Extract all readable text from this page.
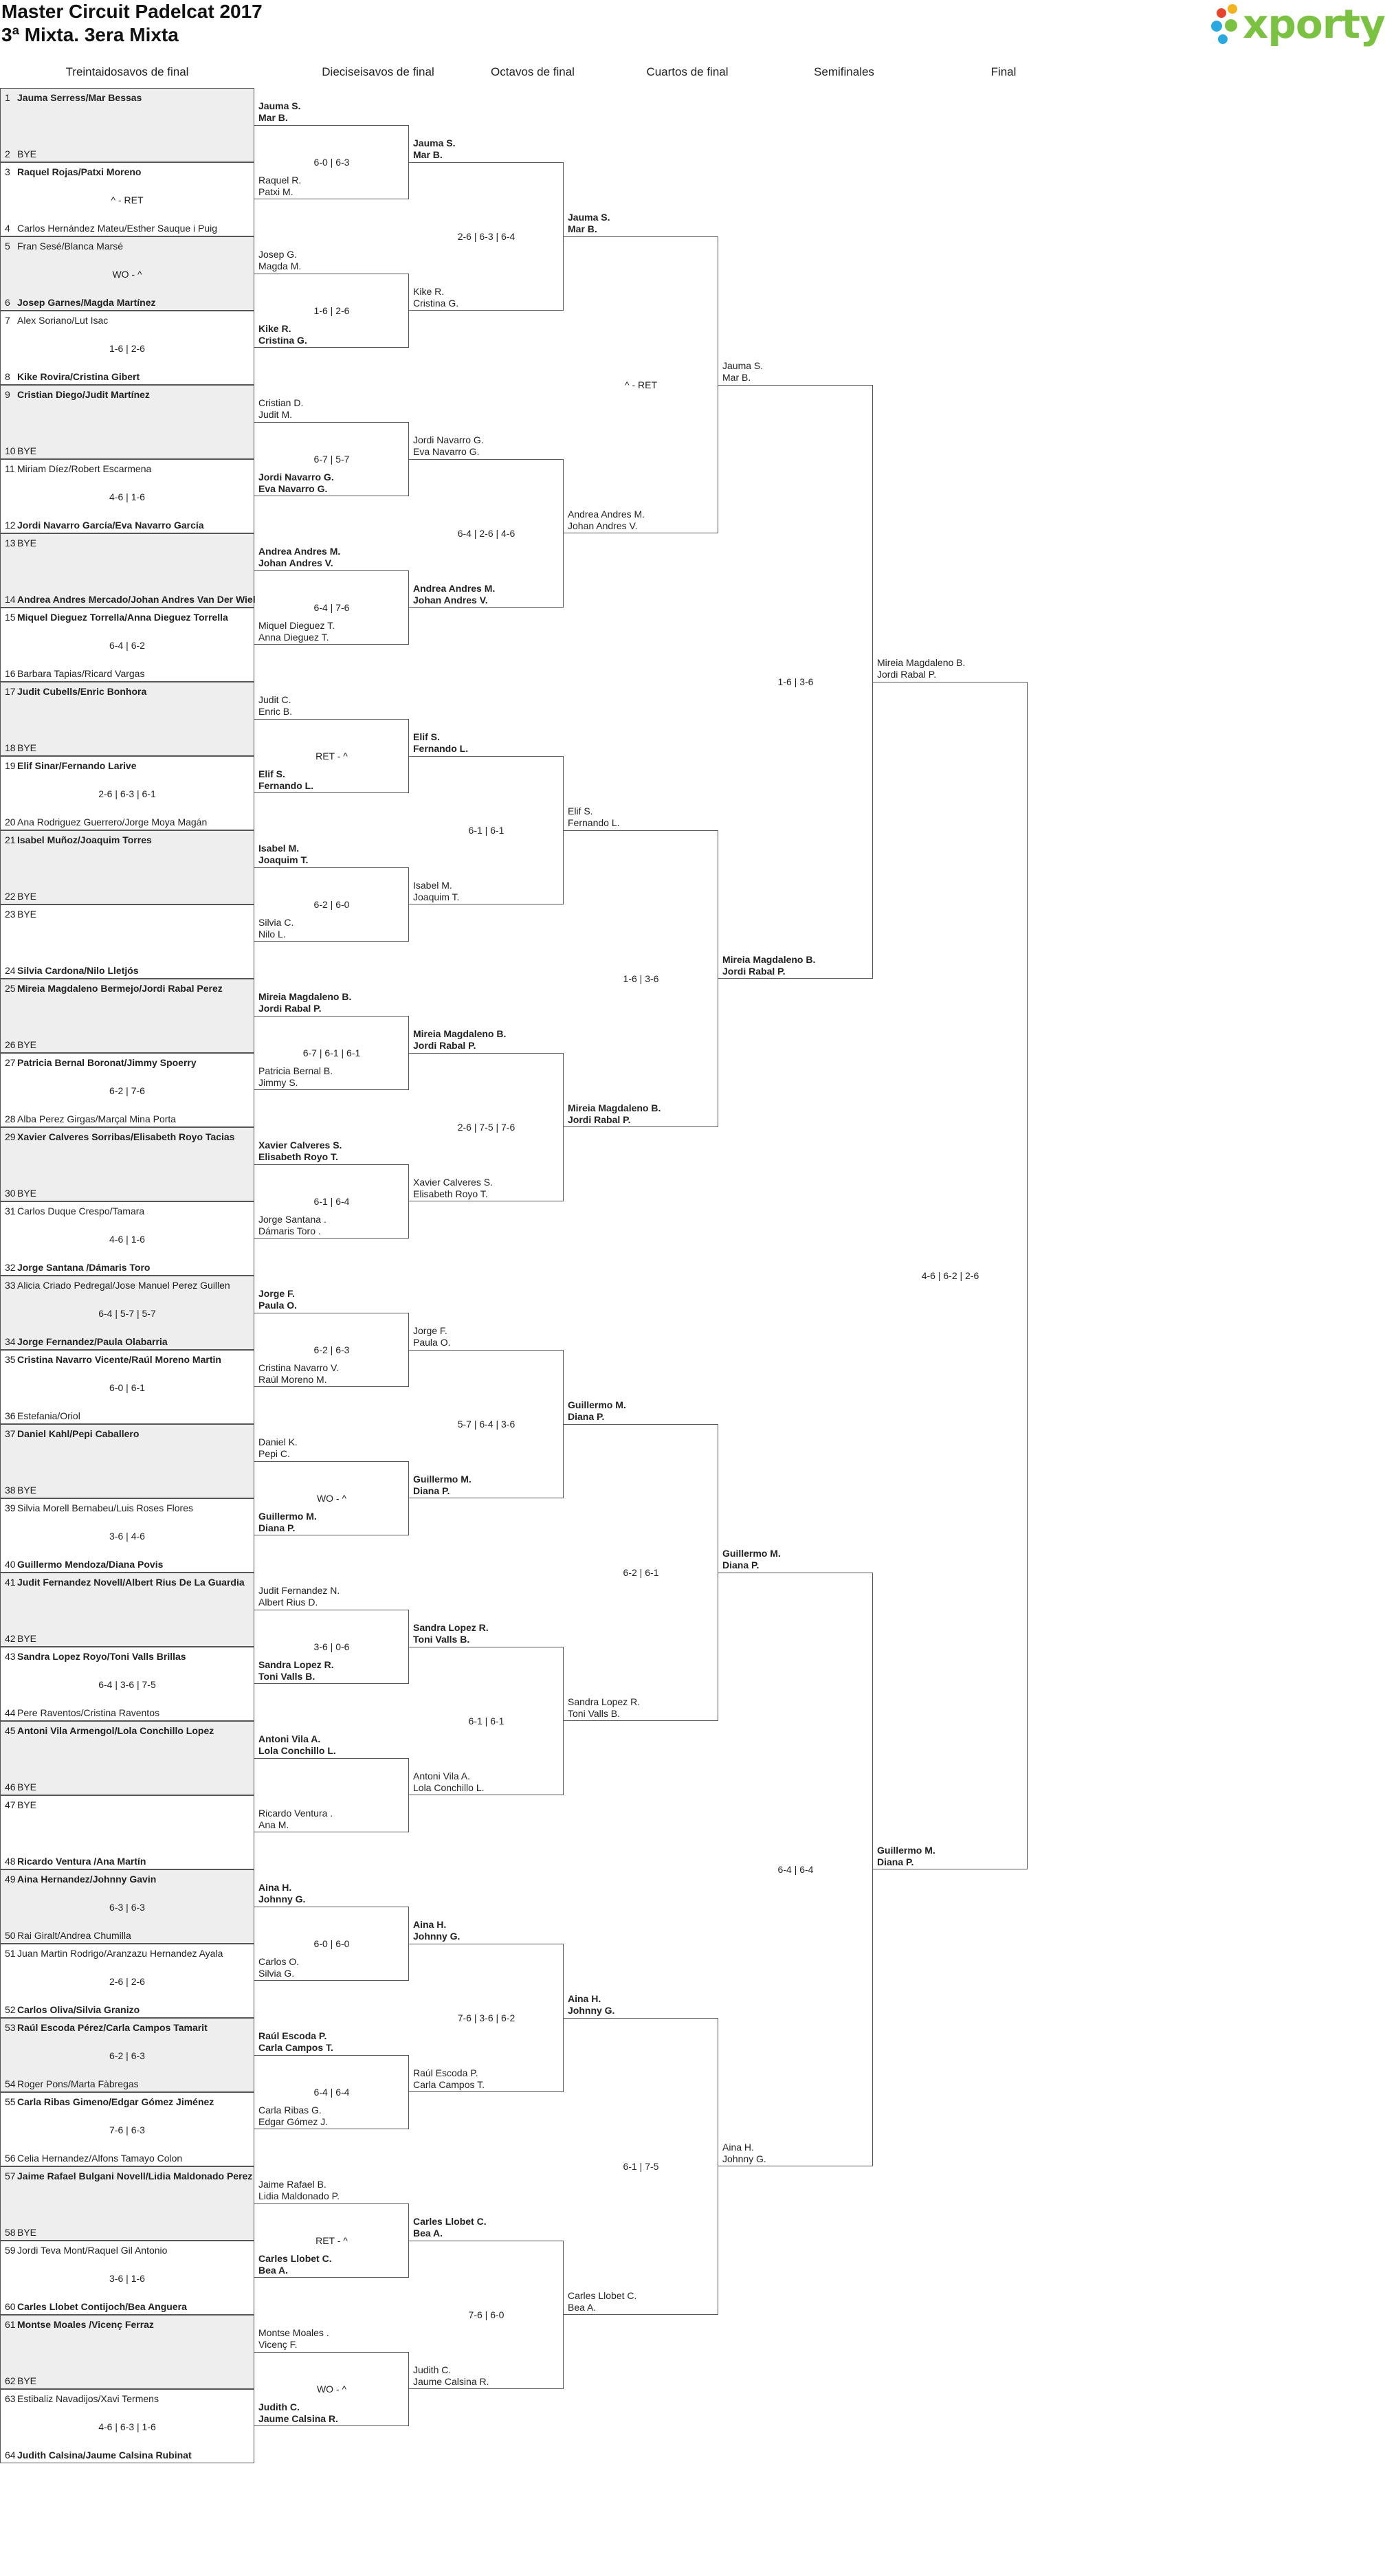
Master Circuit Padelcat 2017
3ª Mixta. 3era Mixta	xporty
Treintaidosavos de final	Dieciseisavos de final	Octavos de final	Cuartos de final	Semifinales	Final
1 Jauma Serress/Mar Bessas
2 BYE
3 Raquel Rojas/Patxi Moreno
4 Carlos Hernández Mateu/Esther Sauque i Puig
^ - RET
5 Fran Sesé/Blanca Marsé
6 Josep Garnes/Magda Martínez
WO - ^
7 Alex Soriano/Lut Isac
8 Kike Rovira/Cristina Gibert
1-6 | 2-6
9 Cristian Diego/Judit Martínez
10 BYE
11 Miriam Díez/Robert Escarmena
12 Jordi Navarro García/Eva Navarro García
4-6 | 1-6
13 BYE
14 Andrea Andres Mercado/Johan Andres Van Der Wiel
15 Miquel Dieguez Torrella/Anna Dieguez Torrella
16 Barbara Tapias/Ricard Vargas
6-4 | 6-2
17 Judit Cubells/Enric Bonhora
18 BYE
19 Elif Sinar/Fernando Larive
20 Ana Rodriguez Guerrero/Jorge Moya Magán
2-6 | 6-3 | 6-1
21 Isabel Muñoz/Joaquim Torres
22 BYE
23 BYE
24 Silvia Cardona/Nilo Lletjós
25 Mireia Magdaleno Bermejo/Jordi Rabal Perez
26 BYE
27 Patricia Bernal Boronat/Jimmy Spoerry
28 Alba Perez Girgas/Marçal Mina Porta
6-2 | 7-6
29 Xavier Calveres Sorribas/Elisabeth Royo Tacias
30 BYE
31 Carlos Duque Crespo/Tamara
32 Jorge Santana /Dámaris Toro
4-6 | 1-6
33 Alicia Criado Pedregal/Jose Manuel Perez Guillen
34 Jorge Fernandez/Paula Olabarria
6-4 | 5-7 | 5-7
35 Cristina Navarro Vicente/Raúl Moreno Martin
36 Estefania/Oriol
6-0 | 6-1
37 Daniel Kahl/Pepi Caballero
38 BYE
39 Silvia Morell Bernabeu/Luis Roses Flores
40 Guillermo Mendoza/Diana Povis
3-6 | 4-6
41 Judit Fernandez Novell/Albert Rius De La Guardia
42 BYE
43 Sandra Lopez Royo/Toni Valls Brillas
44 Pere Raventos/Cristina Raventos
6-4 | 3-6 | 7-5
45 Antoni Vila Armengol/Lola Conchillo Lopez
46 BYE
47 BYE
48 Ricardo Ventura /Ana Martín
49 Aina Hernandez/Johnny Gavin
50 Rai Giralt/Andrea Chumilla
6-3 | 6-3
51 Juan Martin Rodrigo/Aranzazu Hernandez Ayala
52 Carlos Oliva/Silvia Granizo
2-6 | 2-6
53 Raúl Escoda Pérez/Carla Campos Tamarit
54 Roger Pons/Marta Fàbregas
6-2 | 6-3
55 Carla Ribas Gimeno/Edgar Gómez Jiménez
56 Celia Hernandez/Alfons Tamayo Colon
7-6 | 6-3
57 Jaime Rafael Bulgani Novell/Lidia Maldonado Perez
58 BYE
59 Jordi Teva Mont/Raquel Gil Antonio
60 Carles Llobet Contijoch/Bea Anguera
3-6 | 1-6
61 Montse Moales /Vicenç Ferraz
62 BYE
63 Estibaliz Navadijos/Xavi Termens
64 Judith Calsina/Jaume Calsina Rubinat
4-6 | 6-3 | 1-6
Jauma S.
Mar B.
Raquel R.
Patxi M.
6-0 | 6-3
Josep G.
Magda M.
Kike R.
Cristina G.
1-6 | 2-6
Cristian D.
Judit M.
Jordi Navarro G.
Eva Navarro G.
6-7 | 5-7
Andrea Andres M.
Johan Andres V.
Miquel Dieguez T.
Anna Dieguez T.
6-4 | 7-6
Judit C.
Enric B.
Elif S.
Fernando L.
RET - ^
Isabel M.
Joaquim T.
Silvia C.
Nilo L.
6-2 | 6-0
Mireia Magdaleno B.
Jordi Rabal P.
Patricia Bernal B.
Jimmy S.
6-7 | 6-1 | 6-1
Xavier Calveres S.
Elisabeth Royo T.
Jorge Santana .
Dámaris Toro .
6-1 | 6-4
Jorge F.
Paula O.
Cristina Navarro V.
Raúl Moreno M.
6-2 | 6-3
Daniel K.
Pepi C.
Guillermo M.
Diana P.
WO - ^
Judit Fernandez N.
Albert Rius D.
Sandra Lopez R.
Toni Valls B.
3-6 | 0-6
Antoni Vila A.
Lola Conchillo L.
Ricardo Ventura .
Ana M.
Aina H.
Johnny G.
Carlos O.
Silvia G.
6-0 | 6-0
Raúl Escoda P.
Carla Campos T.
Carla Ribas G.
Edgar Gómez J.
6-4 | 6-4
Jaime Rafael B.
Lidia Maldonado P.
Carles Llobet C.
Bea A.
RET - ^
Montse Moales .
Vicenç F.
Judith C.
Jaume Calsina R.
WO - ^
Jauma S.
Mar B.
Kike R.
Cristina G.
2-6 | 6-3 | 6-4
Jordi Navarro G.
Eva Navarro G.
Andrea Andres M.
Johan Andres V.
6-4 | 2-6 | 4-6
Elif S.
Fernando L.
Isabel M.
Joaquim T.
6-1 | 6-1
Mireia Magdaleno B.
Jordi Rabal P.
Xavier Calveres S.
Elisabeth Royo T.
2-6 | 7-5 | 7-6
Jorge F.
Paula O.
Guillermo M.
Diana P.
5-7 | 6-4 | 3-6
Sandra Lopez R.
Toni Valls B.
Antoni Vila A.
Lola Conchillo L.
6-1 | 6-1
Aina H.
Johnny G.
Raúl Escoda P.
Carla Campos T.
7-6 | 3-6 | 6-2
Carles Llobet C.
Bea A.
Judith C.
Jaume Calsina R.
7-6 | 6-0
Jauma S.
Mar B.
Andrea Andres M.
Johan Andres V.
^ - RET
Elif S.
Fernando L.
Mireia Magdaleno B.
Jordi Rabal P.
1-6 | 3-6
Guillermo M.
Diana P.
Sandra Lopez R.
Toni Valls B.
6-2 | 6-1
Aina H.
Johnny G.
Carles Llobet C.
Bea A.
6-1 | 7-5
Jauma S.
Mar B.
Mireia Magdaleno B.
Jordi Rabal P.
1-6 | 3-6
Guillermo M.
Diana P.
Aina H.
Johnny G.
6-4 | 6-4
Mireia Magdaleno B.
Jordi Rabal P.
Guillermo M.
Diana P.
4-6 | 6-2 | 2-6
